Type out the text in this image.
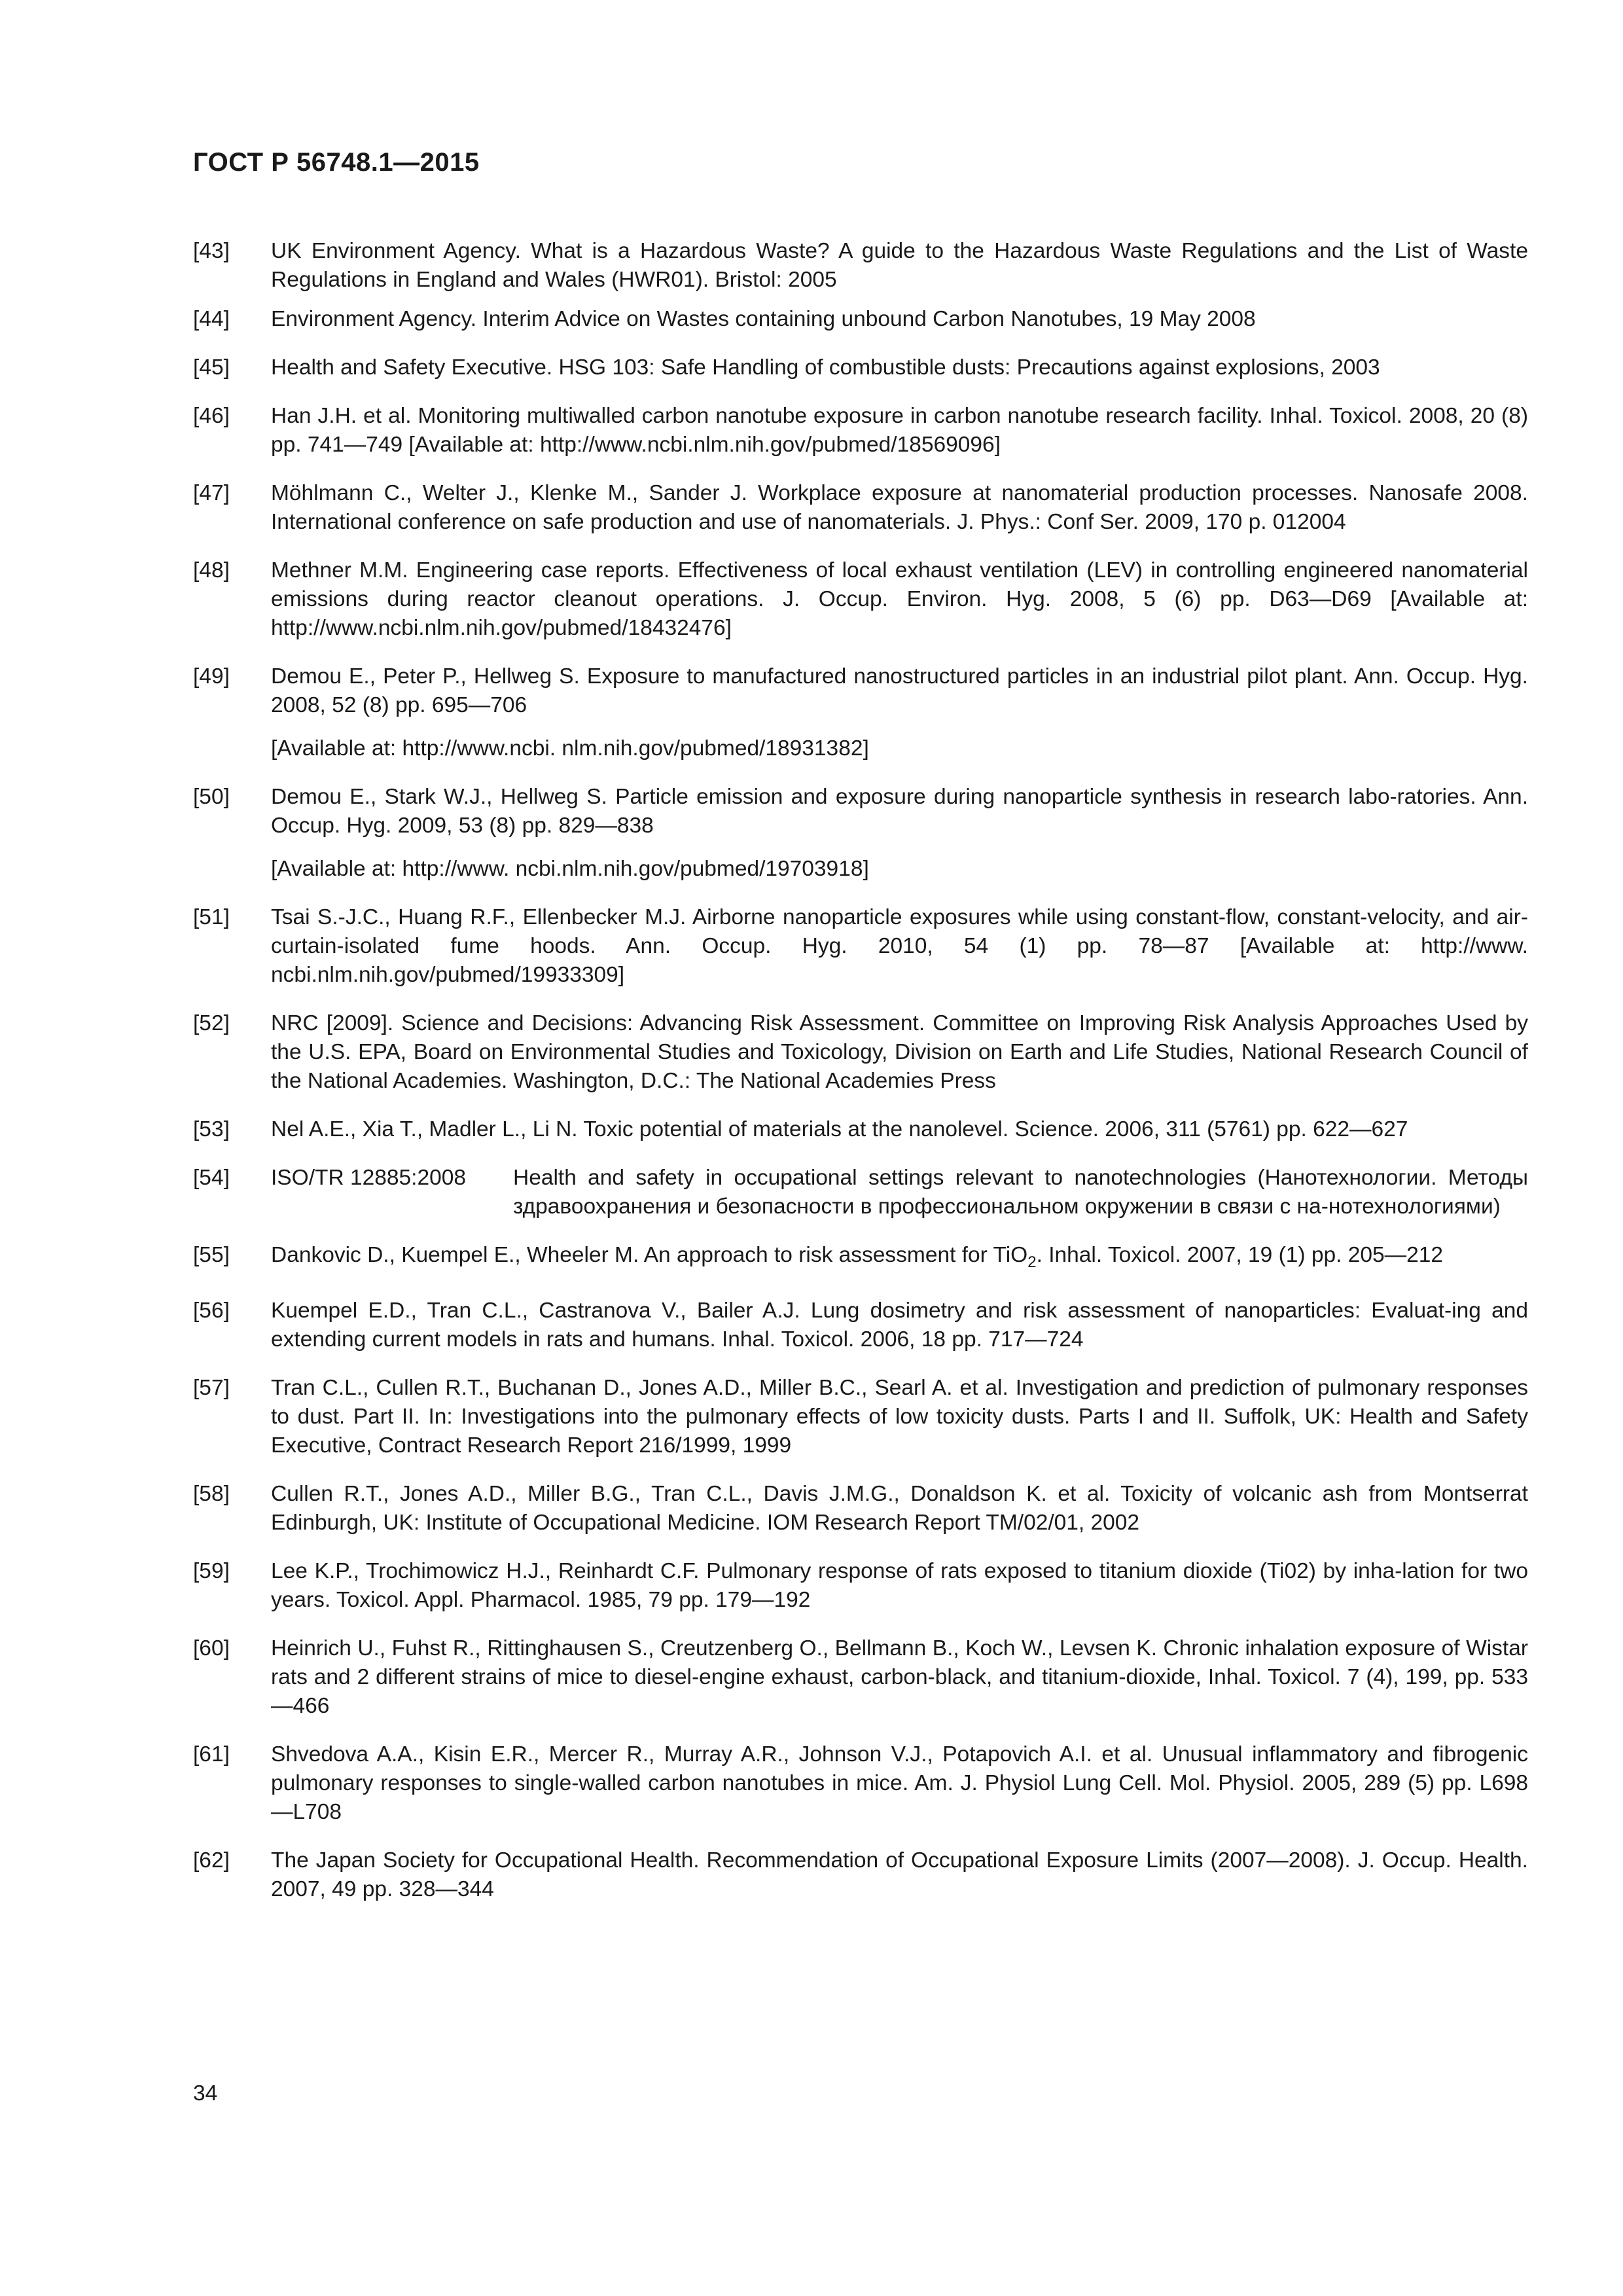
ГОСТ Р 56748.1—2015
[43]	UK Environment Agency. What is a Hazardous Waste? A guide to the Hazardous Waste Regulations and the List of Waste Regulations in England and Wales (HWR01). Bristol: 2005

[44]	Environment Agency. Interim Advice on Wastes containing unbound Carbon Nanotubes, 19 May 2008

[45]	Health and Safety Executive. HSG 103: Safe Handling of combustible dusts: Precautions against explosions, 2003

[46]	Han J.H. et al. Monitoring multiwalled carbon nanotube exposure in carbon nanotube research facility. Inhal. Toxicol. 2008, 20 (8) pp. 741—749 [Available at: http://www.ncbi.nlm.nih.gov/pubmed/18569096]

[47]	Möhlmann C., Welter J., Klenke M., Sander J. Workplace exposure at nanomaterial production processes. Nanosafe 2008. International conference on safe production and use of nanomaterials. J. Phys.: Conf Ser. 2009, 170 p. 012004

[48]	Methner M.M. Engineering case reports. Effectiveness of local exhaust ventilation (LEV) in controlling engineered nanomaterial emissions during reactor cleanout operations. J. Occup. Environ. Hyg. 2008, 5 (6) pp. D63—D69 [Available at: http://www.ncbi.nlm.nih.gov/pubmed/18432476]

[49]	Demou E., Peter P., Hellweg S. Exposure to manufactured nanostructured particles in an industrial pilot plant. Ann. Occup. Hyg. 2008, 52 (8) pp. 695—706

[Available at: http://www.ncbi. nlm.nih.gov/pubmed/18931382]

[50]	Demou E., Stark W.J., Hellweg S. Particle emission and exposure during nanoparticle synthesis in research labo-ratories. Ann. Occup. Hyg. 2009, 53 (8) pp. 829—838

[Available at: http://www. ncbi.nlm.nih.gov/pubmed/19703918]

[51]	Tsai S.-J.C., Huang R.F., Ellenbecker M.J. Airborne nanoparticle exposures while using constant-flow, constant-velocity, and air-curtain-isolated fume hoods. Ann. Occup. Hyg. 2010, 54 (1) pp. 78—87 [Available at: http://www. ncbi.nlm.nih.gov/pubmed/19933309]

[52]	NRC [2009]. Science and Decisions: Advancing Risk Assessment. Committee on Improving Risk Analysis Approaches Used by the U.S. EPA, Board on Environmental Studies and Toxicology, Division on Earth and Life Studies, National Research Council of the National Academies. Washington, D.C.: The National Academies Press

[53]	Nel A.E., Xia T., Madler L., Li N. Toxic potential of materials at the nanolevel. Science. 2006, 311 (5761) pp. 622—627

[54]	ISO/TR 12885:2008	Health and safety in occupational settings relevant to nanotechnologies (Нанотехнологии. Методы здравоохранения и безопасности в профессиональном окружении в связи с на-нотехнологиями)
[55]	Dankovic D., Kuempel E., Wheeler M. An approach to risk assessment for TiO$_2$. Inhal. Toxicol. 2007, 19 (1) pp. 205—212

[56]	Kuempel E.D., Tran C.L., Castranova V., Bailer A.J. Lung dosimetry and risk assessment of nanoparticles: Evaluat-ing and extending current models in rats and humans. Inhal. Toxicol. 2006, 18 pp. 717—724

[57]	Tran C.L., Cullen R.T., Buchanan D., Jones A.D., Miller B.C., Searl A. et al. Investigation and prediction of pulmonary responses to dust. Part II. In: Investigations into the pulmonary effects of low toxicity dusts. Parts I and II. Suffolk, UK: Health and Safety Executive, Contract Research Report 216/1999, 1999

[58]	Cullen R.T., Jones A.D., Miller B.G., Tran C.L., Davis J.M.G., Donaldson K. et al. Toxicity of volcanic ash from Montserrat Edinburgh, UK: Institute of Occupational Medicine. IOM Research Report TM/02/01, 2002

[59]	Lee K.P., Trochimowicz H.J., Reinhardt C.F. Pulmonary response of rats exposed to titanium dioxide (Ti02) by inha-lation for two years. Toxicol. Appl. Pharmacol. 1985, 79 pp. 179—192

[60]	Heinrich U., Fuhst R., Rittinghausen S., Creutzenberg O., Bellmann B., Koch W., Levsen K. Chronic inhalation exposure of Wistar rats and 2 different strains of mice to diesel-engine exhaust, carbon-black, and titanium-dioxide, Inhal. Toxicol. 7 (4), 199, pp. 533—466

[61]	Shvedova A.A., Kisin E.R., Mercer R., Murray A.R., Johnson V.J., Potapovich A.I. et al. Unusual inflammatory and fibrogenic pulmonary responses to single-walled carbon nanotubes in mice. Am. J. Physiol Lung Cell. Mol. Physiol. 2005, 289 (5) pp. L698—L708

[62]	The Japan Society for Occupational Health. Recommendation of Occupational Exposure Limits (2007—2008). J. Occup. Health. 2007, 49 pp. 328—344

34
